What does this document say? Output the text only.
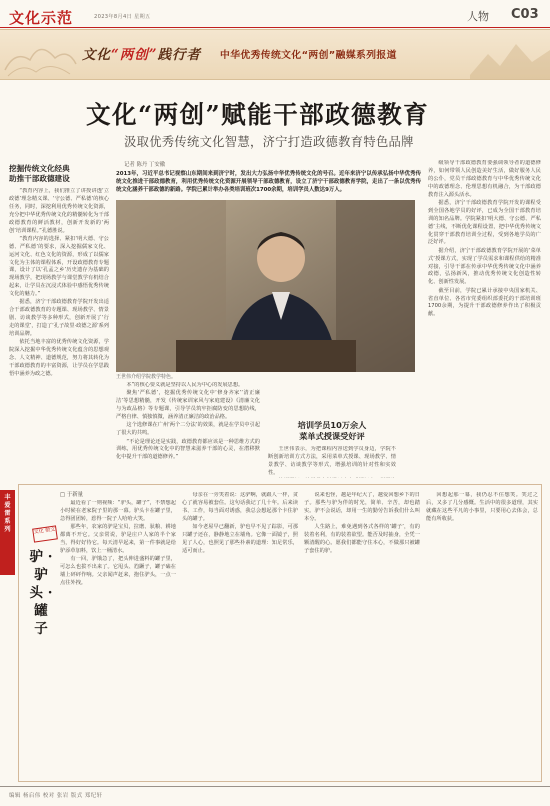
文化示范	2023年8月4日 星期五	人物 C03
文化“两创”践行者 中华优秀传统文化“两创”融媒系列报道
文化“两创”赋能干部政德教育
汲取优秀传统文化智慧，济宁打造政德教育特色品牌
记者 陈丹 丁安徽
2013年，习近平总书记视察山东期间来到济宁时，发出大力弘扬中华优秀传统文化的号召。近年来济宁以传承弘扬中华优秀传统文化推进干部政德教育，利用优秀传统文化资源开展领导干部政德教育，设立了济宁干部政德教育学院，走出了一条以优秀传统文化涵养干部政德的新路。学院已累计举办各类培训班次1700余期，培训学员人数达9万人。
挖掘传统文化经典
助推干部政德建设

“教育内容上，我们推立了讲授讲透‘立政德’理念精义课、‘守公德、严私德’的核心任务，同时，深挖利用优秀传统文化资源，充分把中华优秀传统文化的精髓转化为干部政德教育的鲜活教材，创新开发新的‘两创’培训课程。”孔德胜说。

“教育内容的选择、紧扣‘明大德、守公德、严私德’的要求，深入挖掘儒家文化、运河文化、红色文化的资源，形成了以儒家文化为主体的课程体系，开设政德教育专题课，设计了以‘孔孟之乡’历史遗存为基础的现场教学，把现场教学与课堂教学有机结合起来，让学员在沉浸式体验中感悟优秀传统文化的魅力。”

据悉，济宁干部政德教育学院开发出适合干部政德教育的专题课、现场教学、情景剧、访谈教学等多种形式，创新开展了‘行走的课堂’，打造了‘孔子故里·政德之源’系列培训品牌。

依托当地丰富的优秀传统文化资源，学院深入挖掘中华优秀传统文化蕴含的思想观念、人文精神、道德规范，努力将其转化为干部政德教育的丰富资源，让学员在学思践悟中涵养为政之德。	王世伟介绍学院教学特色。

本”的核心要义就是坚持以人民为中心的发展思想。

聚焦‘严私德’，挖掘优秀传统文化中‘修身齐家’‘清正廉洁’等思想精髓，开发《传统家训家风与家庭建设》《清廉文化与为政品格》等专题课，引导学员筑牢拒腐防变的思想防线，严格自律、慎独慎微，涵养清正廉洁的政治品格。

这个选修课在广州‘两个二分法’的效果，就是在学员中引起了很大的共鸣。

“不论是理论还是实践，政德教育都应该是一种思维方式的训练，用优秀传统文化中的智慧来滋养干部的心灵，在潜移默化中提升干部的道德修养。”

培训学员10万余人
菜单式授课受好评

王世伟表示，为把课程内容送到学员身边，学院不断创新培训方式方法，采用菜单式授课、现场教学、情景教学、访谈教学等形式，增强培训的针对性和实效性。

级领导干部政德教育要强调领导者的道德修养，如何带领人民创造美好生活，做好服务人民的公仆，党员干部政德教育与中华优秀传统文化中的政德理念、伦理思想有机融合，为干部政德教育注入源头活水。

据悉，济宁干部政德教育学院开发的课程受到全国各地学员的好评，已成为全国干部教育培训的知名品牌。学院紧扣‘明大德、守公德、严私德’主线，不断优化课程设置，把中华优秀传统文化贯穿干部教育培训全过程，受到各地学员的广泛好评。

据介绍，济宁干部政德教育学院开展的‘菜单式’授课方式，实现了学员需求和课程供给的精准对接，引导干部在传承中华优秀传统文化中涵养政德，弘扬新风，推动优秀传统文化创造性转化、创新性发展。

截至目前，学院已累计承接中央国家机关、省直单位、各省市党委组织部委托的干部培训班1700余期，为提升干部政德修养作出了积极贡献。

丰
爱
雷
系
列	文化 散文
驴 · 驴头 · 罐子
□ 于新量

最近看了一则视频：“驴头，罐子”，不禁想起小时候在老家院子里的那一幕。驴头卡在罐子里，急得团团转，惹得一院子人哈哈大笑。

那些年，农家的驴是宝贝，拉磨、驮粮、耕地都离不开它。父亲常说，驴是庄户人家的半个家当，得好好待它。每天清早起来，第一件事就是给驴添草加料，饮上一桶清水。

有一回，驴饿急了，把头伸进盛料的罐子里，可怎么也拔不出来了。它甩头、尥蹶子，罐子磕在墙上砰砰作响。父亲闻声赶来，抱住驴头，一点一点往外拽。

母亲在一旁笑着说：这驴啊，就跟人一样，贪心了就容易被套住。这句话我记了几十年。后来读书、工作，每当面对诱惑，我总会想起那个卡住驴头的罐子。

如今老屋早已翻新，驴也早不见了踪影，可那只罐子还在，静静地立在墙角。它像一面镜子，照见了人心，也照见了那些朴素的道理：知足常乐，适可而止。

说来也怪，越是年纪大了，越爱回想乡下的日子。那些与驴为伴的时光，简单、辛苦，却也踏实。驴不会说话，却用一生的勤劳告诉我们什么叫本分。

人生路上，难免遇到各式各样的‘罐子’，有的装着名利，有的装着欲望。能否及时抽身，全凭一颗清醒的心。愿我们都能守住本心，不做那只被罐子套住的驴。

回想起那一幕，我仍忍不住想笑。笑过之后，又多了几分感慨。生活中的很多道理，其实就藏在这些平凡的小事里，只要用心去体会，总能有所收获。

编辑 杨启伟 校对 张岩 版式 郑纪轩
